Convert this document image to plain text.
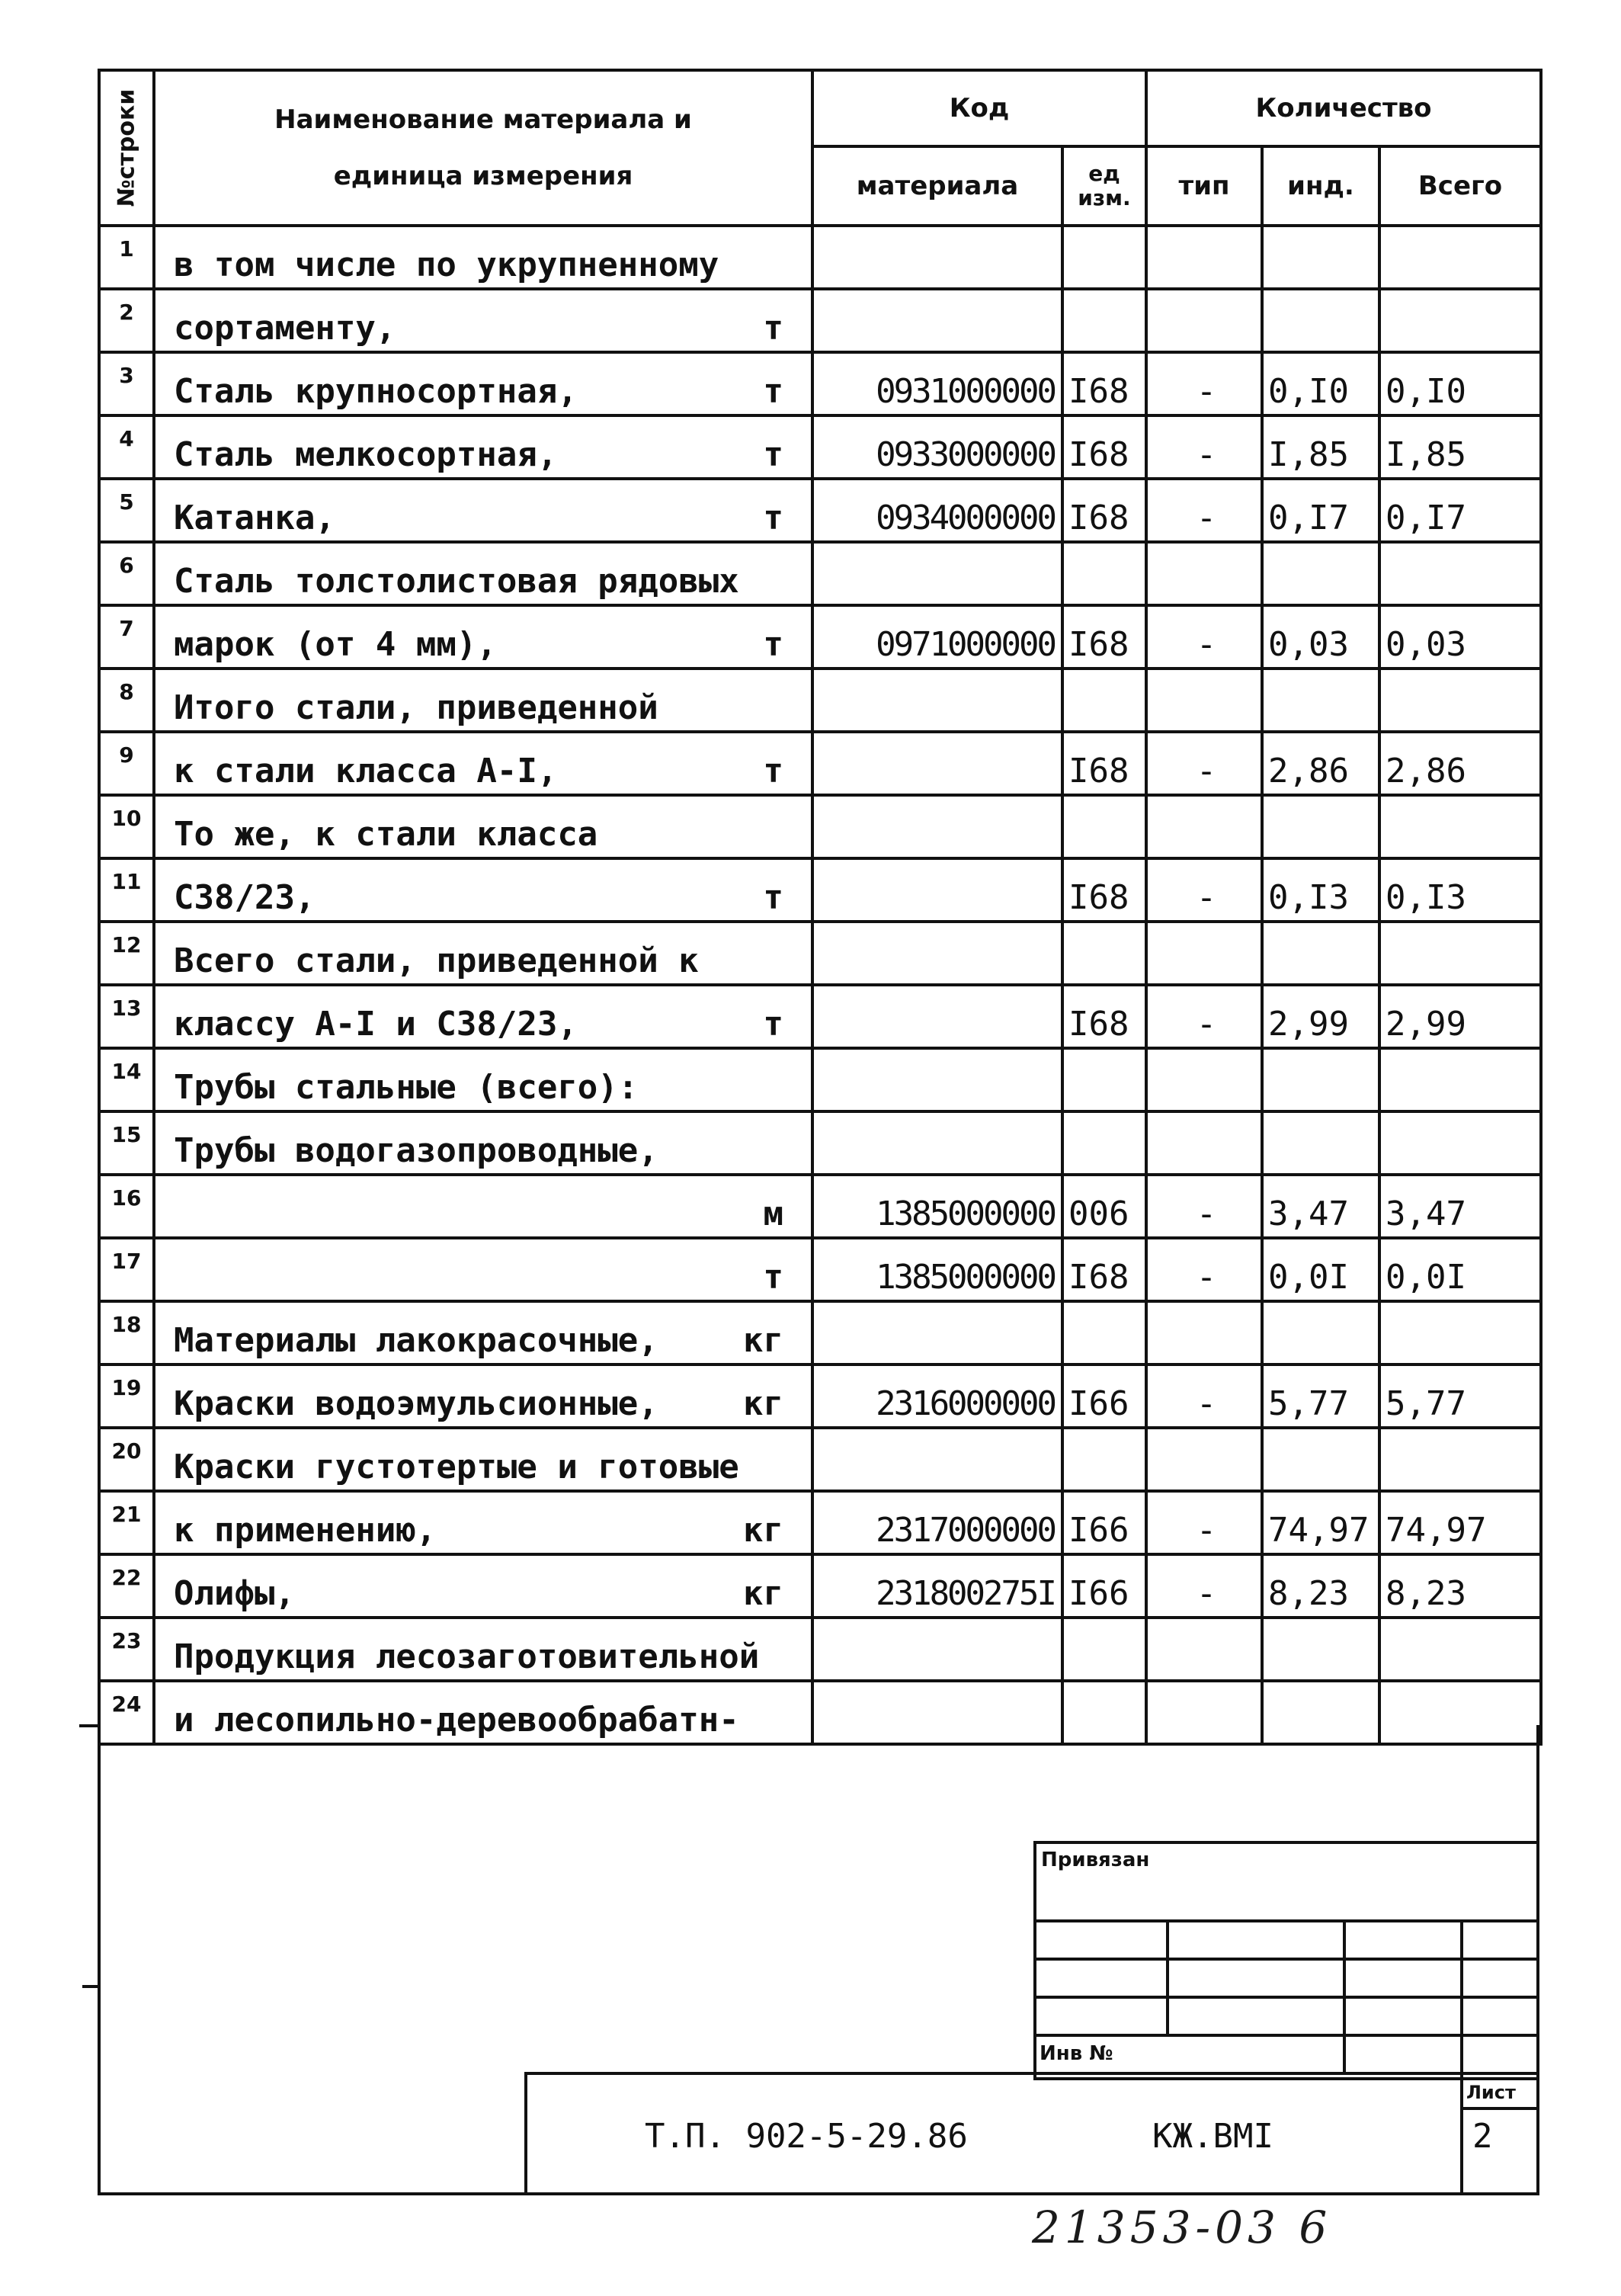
№строки	Наименование материала и единица измерения	Код		Количество		
		материала	ед изм.	тип	инд.	Всего
1	в том числе по укрупненному

2	сортаменту, т					

3	Сталь крупносортная, т	0931000000	I68	-	0,I0	0,I0
4	Сталь мелкосортная, т	0933000000	I68	-	I,85	I,85
5	Катанка, т	0934000000	I68	-	0,I7	0,I7
6	Сталь толстолистовая рядовых

7	марок (от 4 мм), т	0971000000	I68	-	0,03	0,03
8	Итого стали, приведенной

9	к стали класса А-I, т		I68	-	2,86	2,86
10	То же, к стали класса

11	С38/23, т		I68	-	0,I3	0,I3
12	Всего стали, приведенной к

13	классу А-I и С38/23, т		I68	-	2,99	2,99
14	Трубы стальные (всего):

15	Трубы водогазопроводные,

16	м	1385000000	006	-	3,47	3,47
17	т	1385000000	I68	-	0,0I	0,0I
18	Материалы лакокрасочные, кг					

19	Краски водоэмульсионные, кг	2316000000	I66	-	5,77	5,77
20	Краски густотертые и готовые

21	к применению, кг	2317000000	I66	-	74,97	74,97
22	Олифы, кг	231800275I	I66	-	8,23	8,23
23	Продукция лесозаготовительной

24	и лесопильно-деревообрабатн-

Привязан
Инв №
Т.П. 902-5-29.86	КЖ.ВМI
Лист
2
21353-03 6
